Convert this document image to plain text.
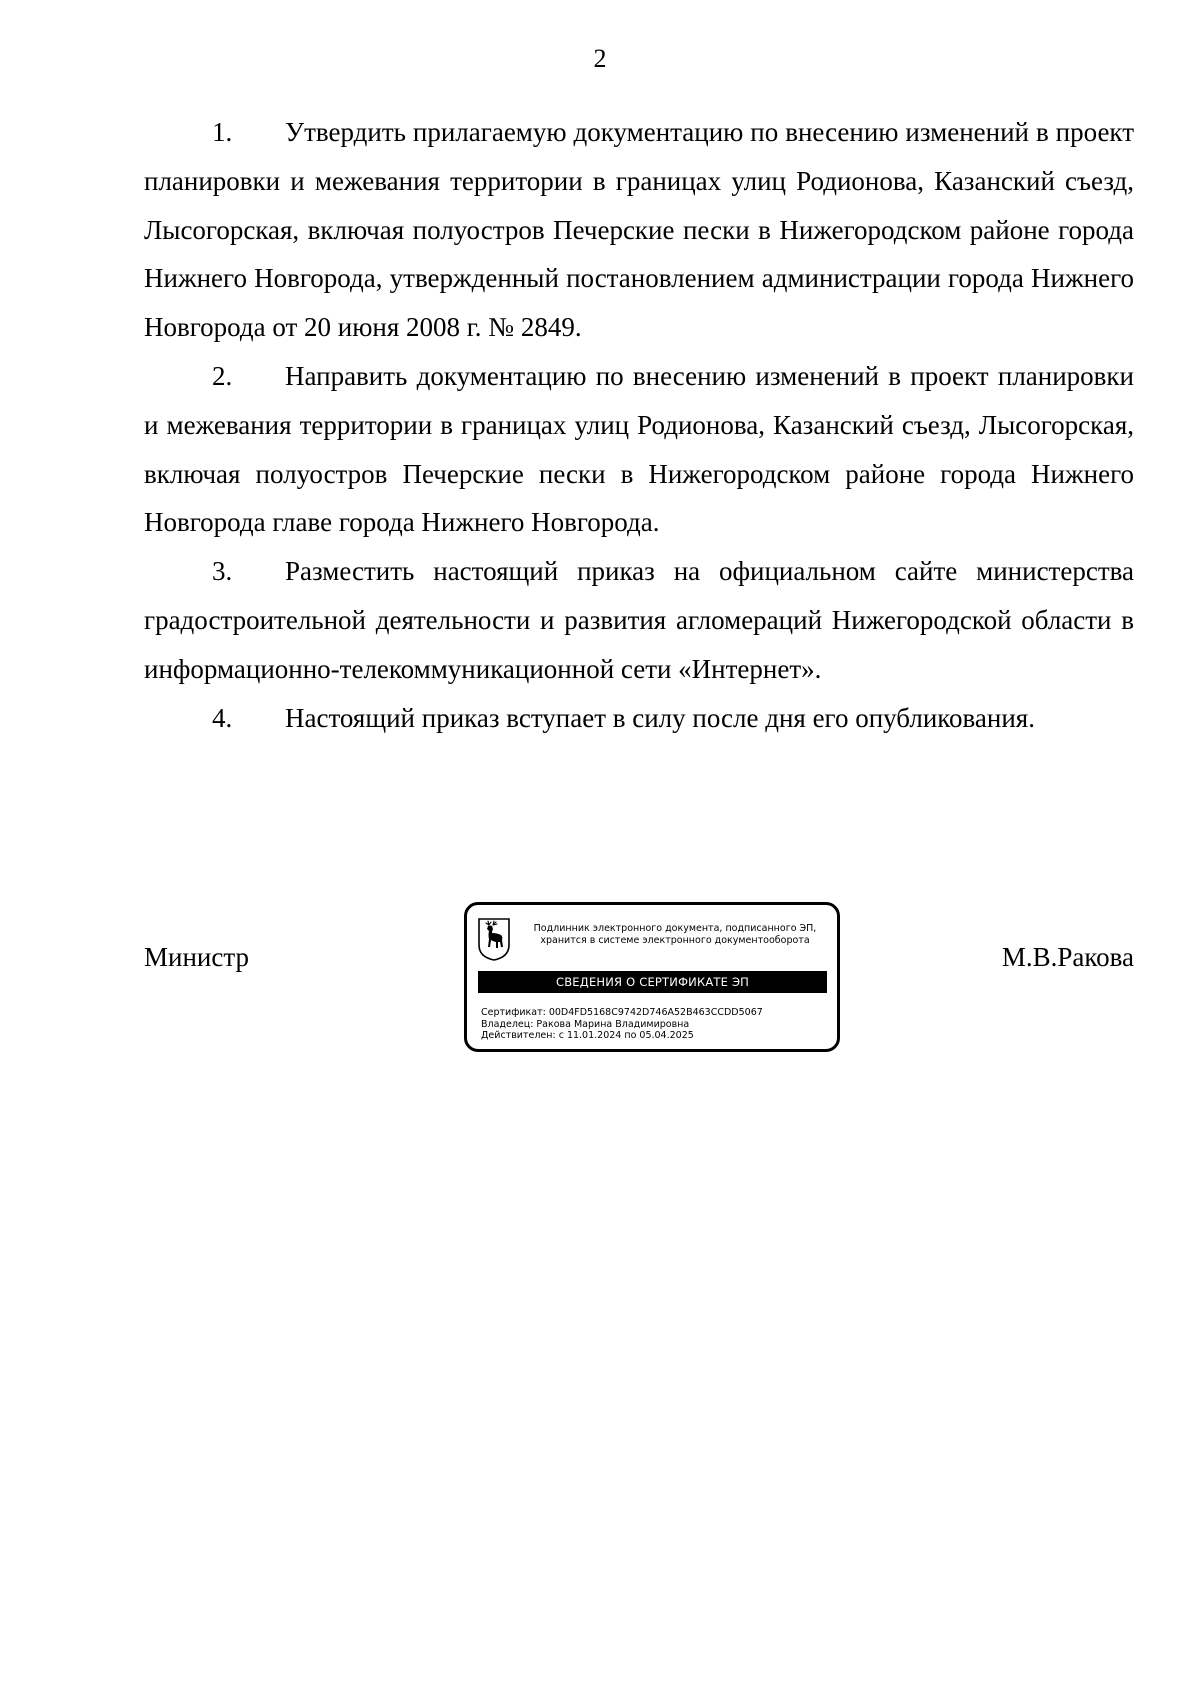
2

1. Утвердить прилагаемую документацию по внесению изменений в проект планировки и межевания территории в границах улиц Родионова, Казанский съезд, Лысогорская, включая полуостров Печерские пески в Нижегородском районе города Нижнего Новгорода, утвержденный постановлением администрации города Нижнего Новгорода от 20 июня 2008 г. № 2849.

2. Направить документацию по внесению изменений в проект планировки и межевания территории в границах улиц Родионова, Казанский съезд, Лысогорская, включая полуостров Печерские пески в Нижегородском районе города Нижнего Новгорода главе города Нижнего Новгорода.

3. Разместить настоящий приказ на официальном сайте министерства градостроительной деятельности и развития агломераций Нижегородской области в информационно-телекоммуникационной сети «Интернет».

4. Настоящий приказ вступает в силу после дня его опубликования.

Министр
Подлинник электронного документа, подписанного ЭП,
хранится в системе электронного документооборота
СВЕДЕНИЯ О СЕРТИФИКАТЕ ЭП
Сертификат: 00D4FD5168C9742D746A52B463CCDD5067
Владелец: Ракова Марина Владимировна
Действителен: с 11.01.2024 по 05.04.2025
М.В.Ракова
